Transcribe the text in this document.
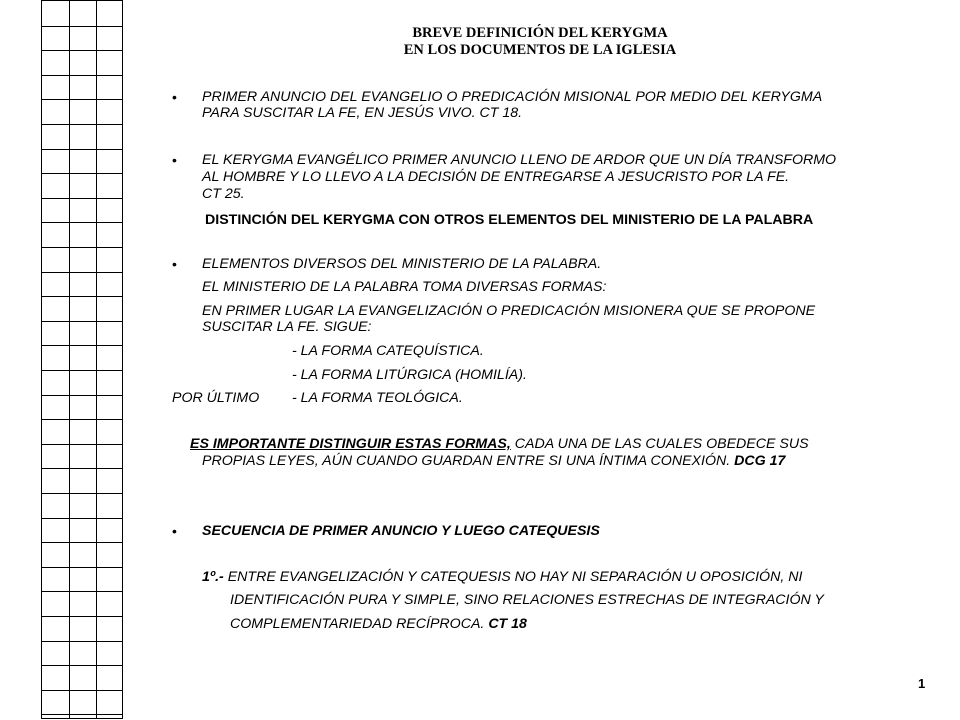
BREVE DEFINICIÓN DEL KERYGMA
EN LOS DOCUMENTOS DE LA IGLESIA
• PRIMER ANUNCIO DEL EVANGELIO O PREDICACIÓN MISIONAL POR MEDIO DEL KERYGMA
PARA SUSCITAR LA FE, EN JESÚS VIVO. CT 18.
• EL KERYGMA EVANGÉLICO PRIMER ANUNCIO LLENO DE ARDOR QUE UN DÍA TRANSFORMO
AL HOMBRE Y LO LLEVO A LA DECISIÓN DE ENTREGARSE A JESUCRISTO POR LA FE.
CT 25.
DISTINCIÓN DEL KERYGMA CON OTROS ELEMENTOS DEL MINISTERIO DE LA PALABRA
• ELEMENTOS DIVERSOS DEL MINISTERIO DE LA PALABRA.
EL MINISTERIO DE LA PALABRA TOMA DIVERSAS FORMAS:
EN PRIMER LUGAR LA EVANGELIZACIÓN O PREDICACIÓN MISIONERA QUE SE PROPONE
SUSCITAR LA FE. SIGUE:
- LA FORMA CATEQUÍSTICA.
- LA FORMA LITÚRGICA (HOMILÍA).
POR ÚLTIMO - LA FORMA TEOLÓGICA.
ES IMPORTANTE DISTINGUIR ESTAS FORMAS, CADA UNA DE LAS CUALES OBEDECE SUS
PROPIAS LEYES, AÚN CUANDO GUARDAN ENTRE SI UNA ÍNTIMA CONEXIÓN. DCG 17
• SECUENCIA DE PRIMER ANUNCIO Y LUEGO CATEQUESIS
1º.- ENTRE EVANGELIZACIÓN Y CATEQUESIS NO HAY NI SEPARACIÓN U OPOSICIÓN, NI
IDENTIFICACIÓN PURA Y SIMPLE, SINO RELACIONES ESTRECHAS DE INTEGRACIÓN Y
COMPLEMENTARIEDAD RECÍPROCA. CT 18
1
